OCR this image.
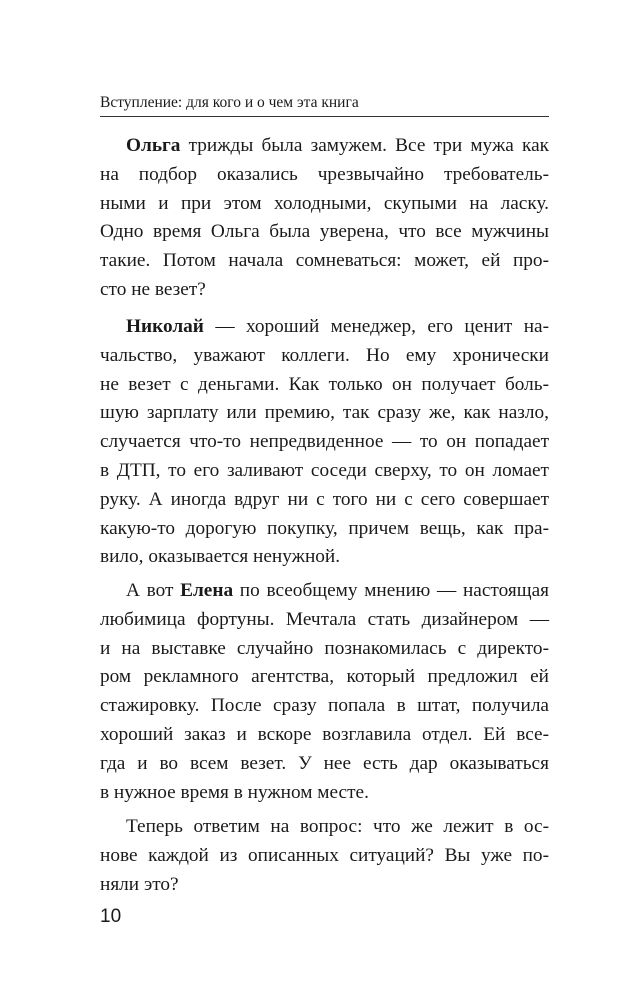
Вступление: для кого и о чем эта книга
Ольга трижды была замужем. Все три мужа как
на подбор оказались чрезвычайно требователь-
ными и при этом холодными, скупыми на ласку.
Одно время Ольга была уверена, что все мужчины
такие. Потом начала сомневаться: может, ей про-
сто не везет?
Николай — хороший менеджер, его ценит на-
чальство, уважают коллеги. Но ему хронически
не везет с деньгами. Как только он получает боль-
шую зарплату или премию, так сразу же, как назло,
случается что-то непредвиденное — то он попадает
в ДТП, то его заливают соседи сверху, то он ломает
руку. А иногда вдруг ни с того ни с сего совершает
какую-то дорогую покупку, причем вещь, как пра-
вило, оказывается ненужной.
А вот Елена по всеобщему мнению — настоящая
любимица фортуны. Мечтала стать дизайнером —
и на выставке случайно познакомилась с директо-
ром рекламного агентства, который предложил ей
стажировку. После сразу попала в штат, получила
хороший заказ и вскоре возглавила отдел. Ей все-
гда и во всем везет. У нее есть дар оказываться
в нужное время в нужном месте.
Теперь ответим на вопрос: что же лежит в ос-
нове каждой из описанных ситуаций? Вы уже по-
няли это?
10
